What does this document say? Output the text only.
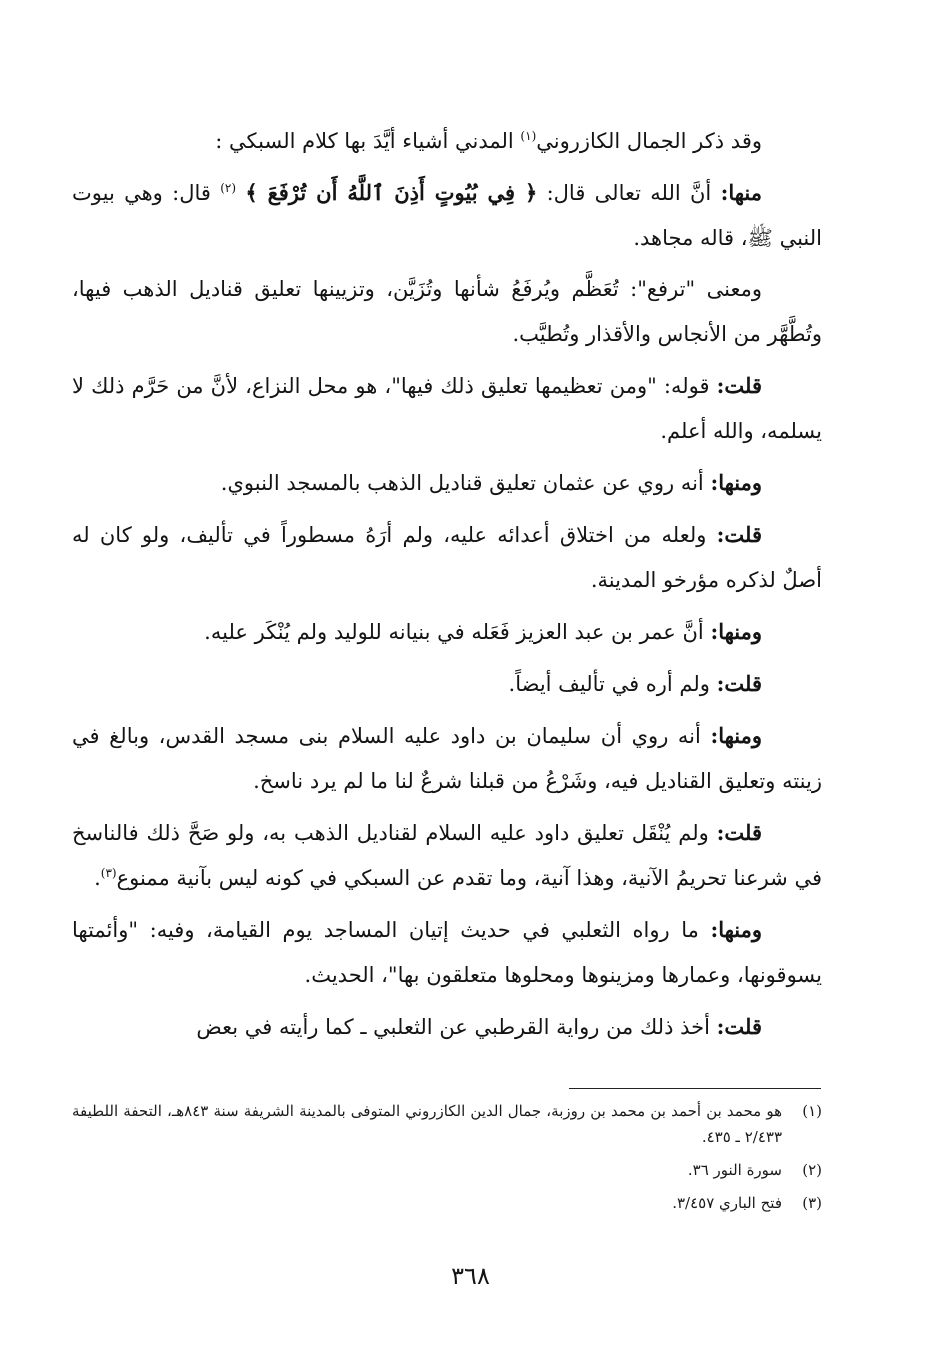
وقد ذكر الجمال الكازروني$^{(١)}$ المدني أشياء أيَّدَ بها كلام السبكي :

منها: أنَّ الله تعالى قال: ﴿ فِي بُيُوتٍ أَذِنَ ٱللَّهُ أَن تُرْفَعَ ﴾ $^{(٢)}$ قال: وهي بيوت النبي ﷺ، قاله مجاهد.

ومعنى "ترفع": تُعَظَّم ويُرفَعُ شأنها وتُزَيَّن، وتزيينها تعليق قناديل الذهب فيها، وتُطَّهَّر من الأنجاس والأقذار وتُطيَّب.

قلت: قوله: "ومن تعظيمها تعليق ذلك فيها"، هو محل النزاع، لأنَّ من حَرَّم ذلك لا يسلمه، والله أعلم.

ومنها: أنه روي عن عثمان تعليق قناديل الذهب بالمسجد النبوي.

قلت: ولعله من اختلاق أعدائه عليه، ولم أرَهُ مسطوراً في تأليف، ولو كان له أصلٌ لذكره مؤرخو المدينة.

ومنها: أنَّ عمر بن عبد العزيز فَعَله في بنيانه للوليد ولم يُنْكَر عليه.

قلت: ولم أره في تأليف أيضاً.

ومنها: أنه روي أن سليمان بن داود عليه السلام بنى مسجد القدس، وبالغ في زينته وتعليق القناديل فيه، وشَرْعُ من قبلنا شرعٌ لنا ما لم يرد ناسخ.

قلت: ولم يُنْقَل تعليق داود عليه السلام لقناديل الذهب به، ولو صَحَّ ذلك فالناسخ في شرعنا تحريمُ الآنية، وهذا آنية، وما تقدم عن السبكي في كونه ليس بآنية ممنوع$^{(٣)}$.

ومنها: ما رواه الثعلبي في حديث إتيان المساجد يوم القيامة، وفيه: "وأئمتها يسوقونها، وعمارها ومزينوها ومحلوها متعلقون بها"، الحديث.

قلت: أخذ ذلك من رواية القرطبي عن الثعلبي ـ كما رأيته في بعض

(١)
هو محمد بن أحمد بن محمد بن روزبة، جمال الدين الكازروني المتوفى بالمدينة الشريفة سنة ٨٤٣هـ، التحفة اللطيفة ٢/٤٣٣ ـ ٤٣٥.
(٢)
سورة النور ٣٦.
(٣)
فتح الباري ٣/٤٥٧.
٣٦٨
